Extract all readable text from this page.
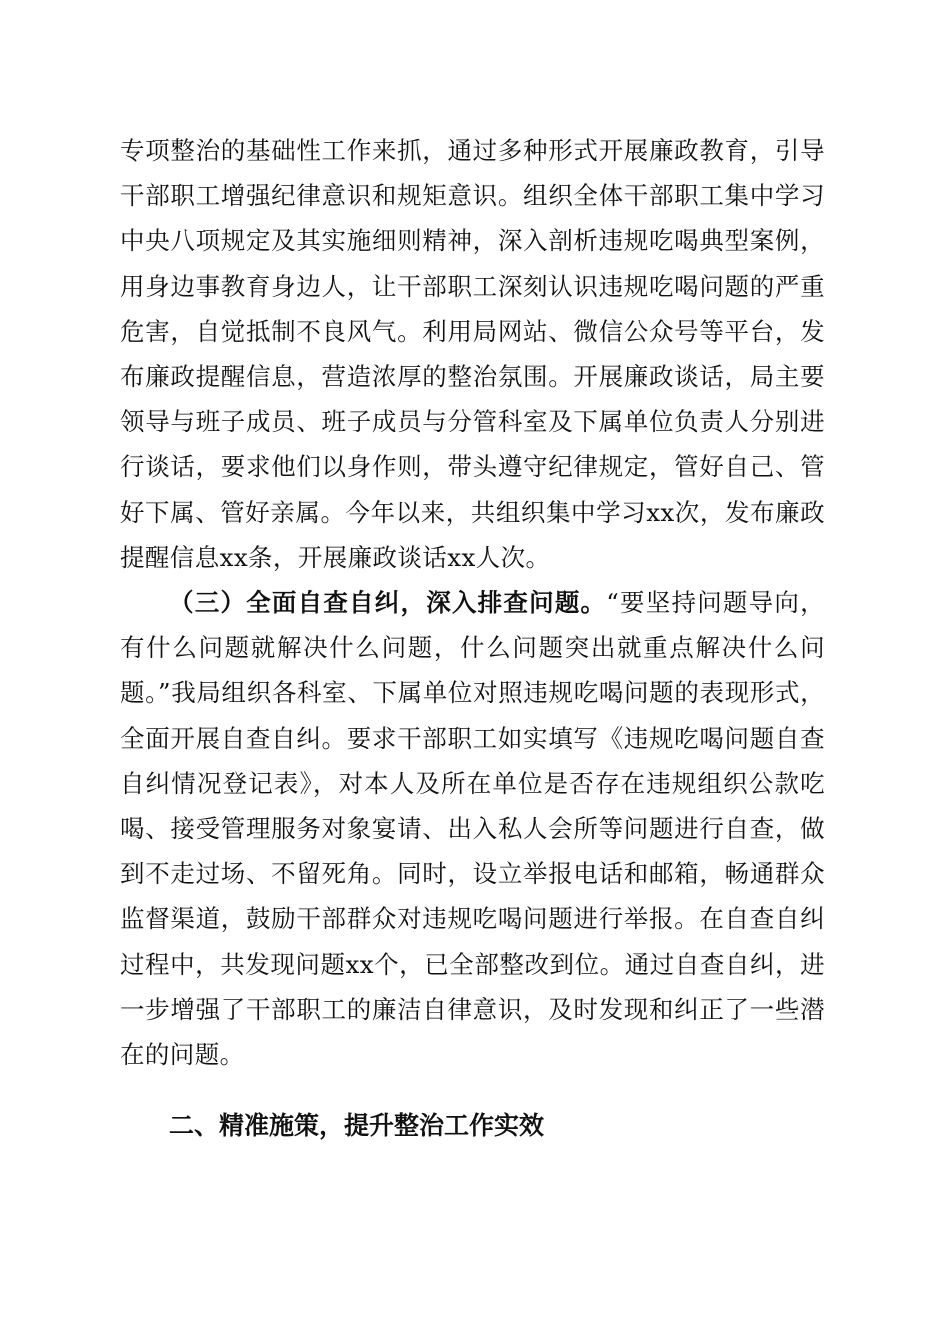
专项整治的基础性工作来抓，通过多种形式开展廉政教育，引导干部职工增强纪律意识和规矩意识。组织全体干部职工集中学习中央八项规定及其实施细则精神，深入剖析违规吃喝典型案例，用身边事教育身边人，让干部职工深刻认识违规吃喝问题的严重危害，自觉抵制不良风气。利用局网站、微信公众号等平台，发布廉政提醒信息，营造浓厚的整治氛围。开展廉政谈话，局主要领导与班子成员、班子成员与分管科室及下属单位负责人分别进行谈话，要求他们以身作则，带头遵守纪律规定，管好自己、管好下属、管好亲属。今年以来，共组织集中学习xx次，发布廉政提醒信息xx条，开展廉政谈话xx人次。

（三）全面自查自纠，深入排查问题。“要坚持问题导向，有什么问题就解决什么问题，什么问题突出就重点解决什么问题。”我局组织各科室、下属单位对照违规吃喝问题的表现形式，全面开展自查自纠。要求干部职工如实填写《违规吃喝问题自查自纠情况登记表》，对本人及所在单位是否存在违规组织公款吃喝、接受管理服务对象宴请、出入私人会所等问题进行自查，做到不走过场、不留死角。同时，设立举报电话和邮箱，畅通群众监督渠道，鼓励干部群众对违规吃喝问题进行举报。在自查自纠过程中，共发现问题xx个，已全部整改到位。通过自查自纠，进一步增强了干部职工的廉洁自律意识，及时发现和纠正了一些潜在的问题。

二、精准施策，提升整治工作实效
